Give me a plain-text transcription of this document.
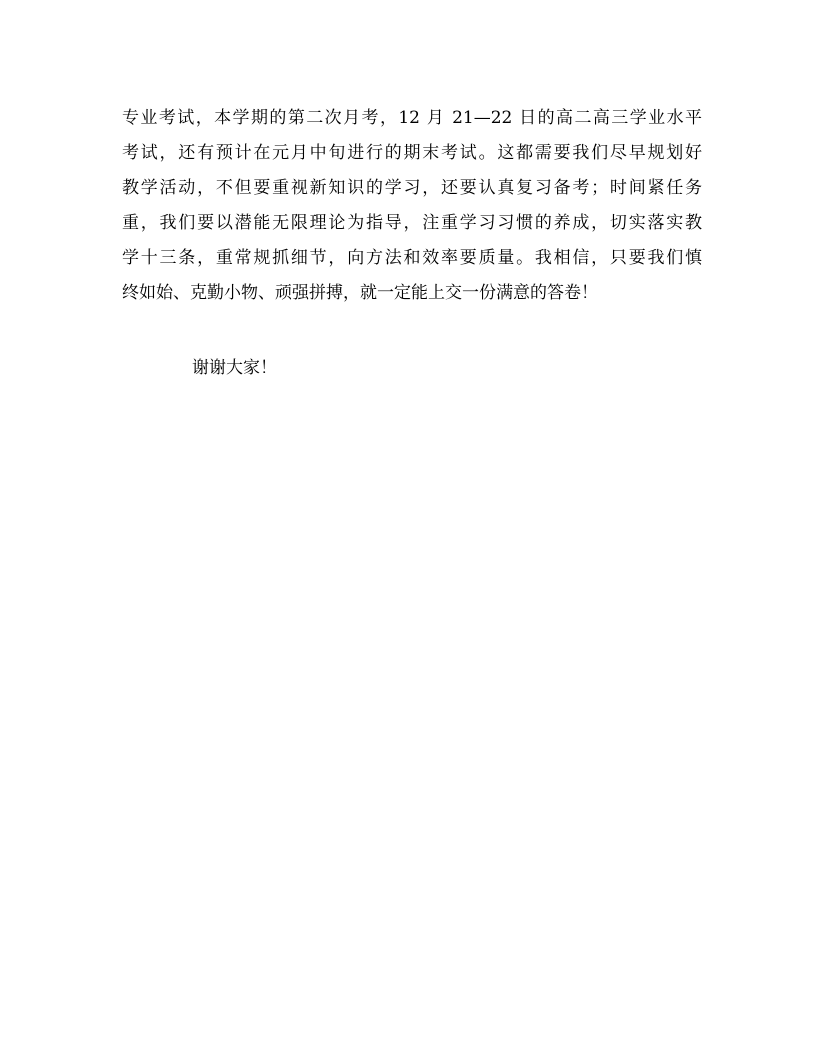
专业考试，本学期的第二次月考，12 月 21—22 日的高二高三学业水平
考试，还有预计在元月中旬进行的期末考试。这都需要我们尽早规划好
教学活动，不但要重视新知识的学习，还要认真复习备考；时间紧任务
重，我们要以潜能无限理论为指导，注重学习习惯的养成，切实落实教
学十三条，重常规抓细节，向方法和效率要质量。我相信，只要我们慎
终如始、克勤小物、顽强拼搏，就一定能上交一份满意的答卷！
谢谢大家！
